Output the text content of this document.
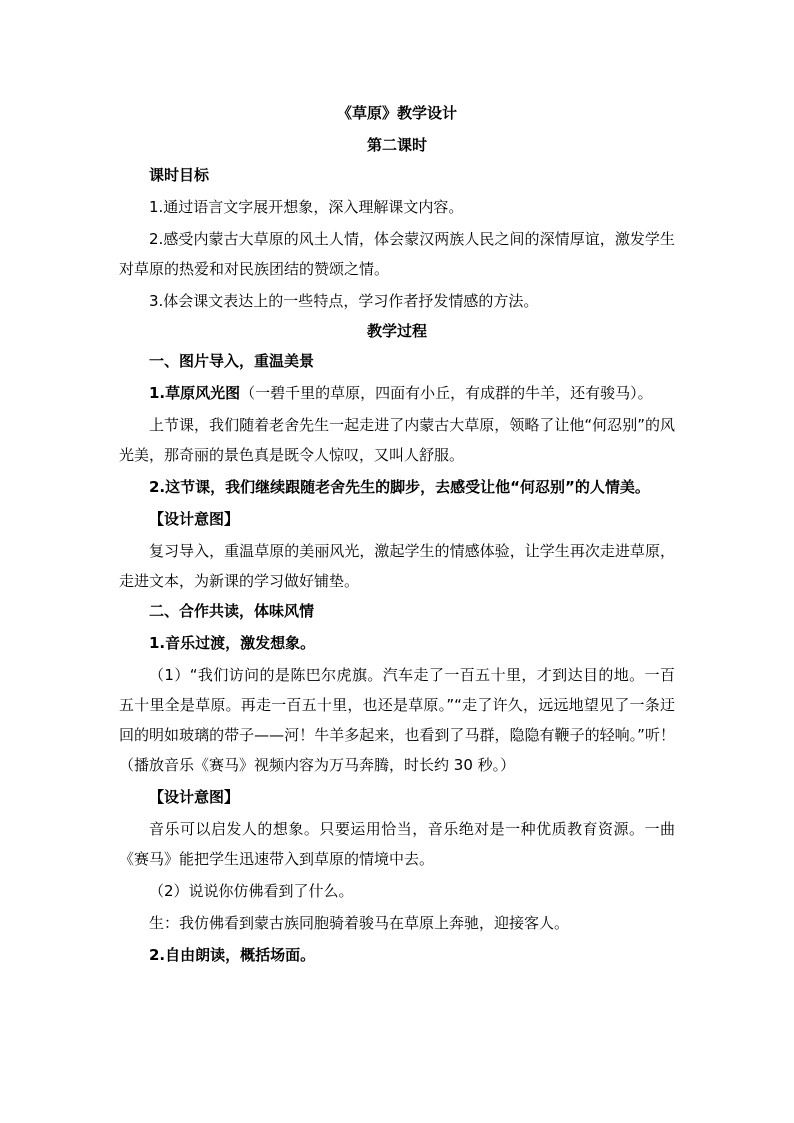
《草原》教学设计
第二课时

课时目标

1.通过语言文字展开想象，深入理解课文内容。

2.感受内蒙古大草原的风土人情，体会蒙汉两族人民之间的深情厚谊，激发学生对草原的热爱和对民族团结的赞颂之情。

3.体会课文表达上的一些特点，学习作者抒发情感的方法。

教学过程

一、图片导入，重温美景

1.草原风光图（一碧千里的草原，四面有小丘，有成群的牛羊，还有骏马）。

上节课，我们随着老舍先生一起走进了内蒙古大草原，领略了让他“何忍别”的风光美，那奇丽的景色真是既令人惊叹，又叫人舒服。

2.这节课，我们继续跟随老舍先生的脚步，去感受让他“何忍别”的人情美。

【设计意图】

复习导入，重温草原的美丽风光，激起学生的情感体验，让学生再次走进草原，走进文本，为新课的学习做好铺垫。

二、合作共读，体味风情

1.音乐过渡，激发想象。

（1）“我们访问的是陈巴尔虎旗。汽车走了一百五十里，才到达目的地。一百五十里全是草原。再走一百五十里，也还是草原。”“走了许久，远远地望见了一条迂回的明如玻璃的带子——河！牛羊多起来，也看到了马群，隐隐有鞭子的轻响。”听！（播放音乐《赛马》视频内容为万马奔腾，时长约 30 秒。）

【设计意图】

音乐可以启发人的想象。只要运用恰当，音乐绝对是一种优质教育资源。一曲《赛马》能把学生迅速带入到草原的情境中去。

（2）说说你仿佛看到了什么。

生：我仿佛看到蒙古族同胞骑着骏马在草原上奔驰，迎接客人。

2.自由朗读，概括场面。
